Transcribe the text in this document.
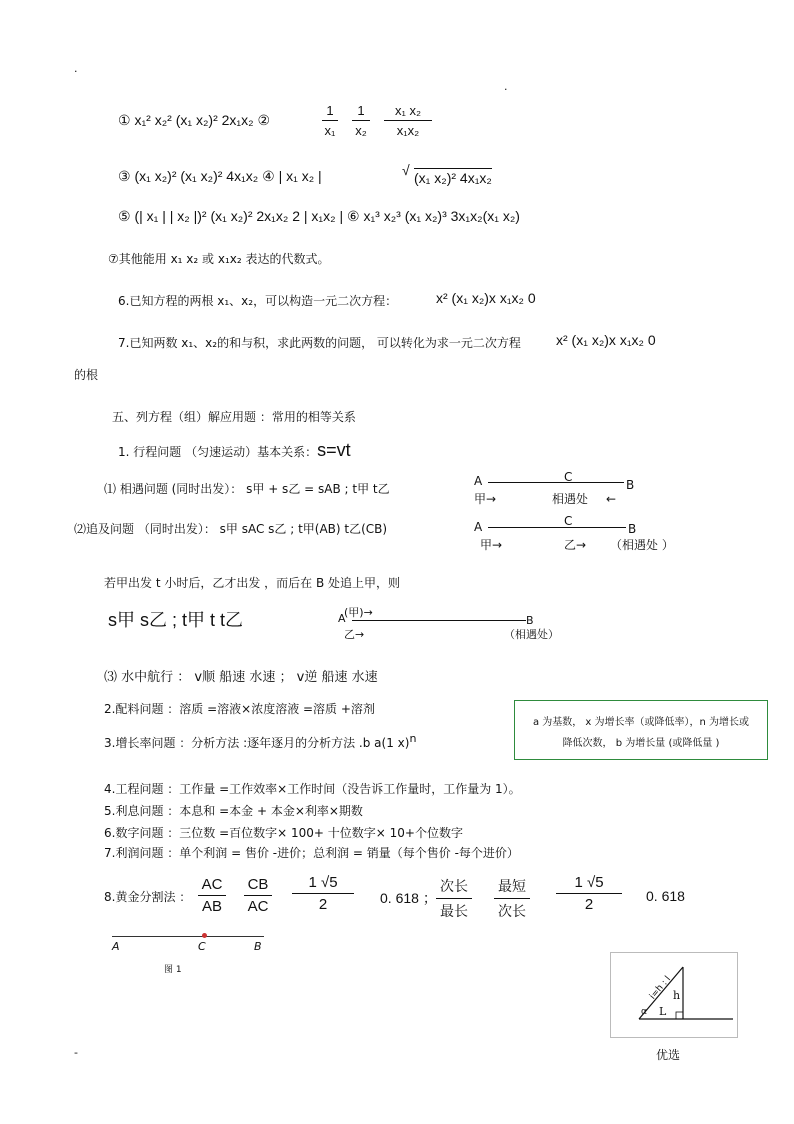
.
.
① x₁² x₂² (x₁ x₂)² 2x₁x₂ ②
1
x₁
1
x₂
x₁ x₂
x₁x₂
③ (x₁ x₂)² (x₁ x₂)² 4x₁x₂ ④ | x₁ x₂ |	√ (x₁ x₂)² 4x₁x₂
⑤ (| x₁ | | x₂ |)² (x₁ x₂)² 2x₁x₂ 2 | x₁x₂ | ⑥ x₁³ x₂³ (x₁ x₂)³ 3x₁x₂(x₁ x₂)
⑦其他能用 x₁ x₂ 或 x₁x₂ 表达的代数式。
6.已知方程的两根 x₁、x₂，可以构造一元二次方程：	x² (x₁ x₂)x x₁x₂ 0
7.已知两数 x₁、x₂的和与积，求此两数的问题， 可以转化为求一元二次方程	x² (x₁ x₂)x x₁x₂ 0
的根
五、列方程（组）解应用题 ：常用的相等关系
1. 行程问题 （匀速运动）基本关系：s=vt
⑴ 相遇问题 (同时出发）： s甲 + s乙 = sAB ; t甲 t乙
A	C
B
甲→	相遇处 ←
⑵追及问题 （同时出发）： s甲 sAC s乙 ; t甲(AB) t乙(CB)	A	C
B
甲→	乙→ （相遇处 ）
若甲出发 t 小时后，乙才出发 ，而后在 B 处追上甲，则
s甲 s乙 ; t甲 t t乙	A
(甲)→
B
乙→	（相遇处）
⑶ 水中航行 ： v顺 船速 水速 ； v逆 船速 水速
2.配料问题 ：溶质 =溶液×浓度溶液 =溶质 +溶剂
3.增长率问题 ：分析方法 :逐年逐月的分析方法 .b a(1 x)$^n$
a 为基数， x 为增长率（或降低率），n 为增长或
降低次数， b 为增长量 (或降低量 )
4.工程问题 ：工作量 =工作效率×工作时间（没告诉工作量时，工作量为 1）。
5.利息问题 ：本息和 =本金 + 本金×利率×期数
6.数字问题 ：三位数 =百位数字× 100+ 十位数字× 10+个位数字
7.利润问题 ：单个利润 = 售价 -进价；总利润 = 销量（每个售价 -每个进价）
8.黄金分割法 ：
AC
AB
CB
AC
1 √5
2	0. 618 ；
次长
最长
最短
次长
1 √5
2	0. 618
A	C	B
图 1
i=h : l h
L
α
-	优选
